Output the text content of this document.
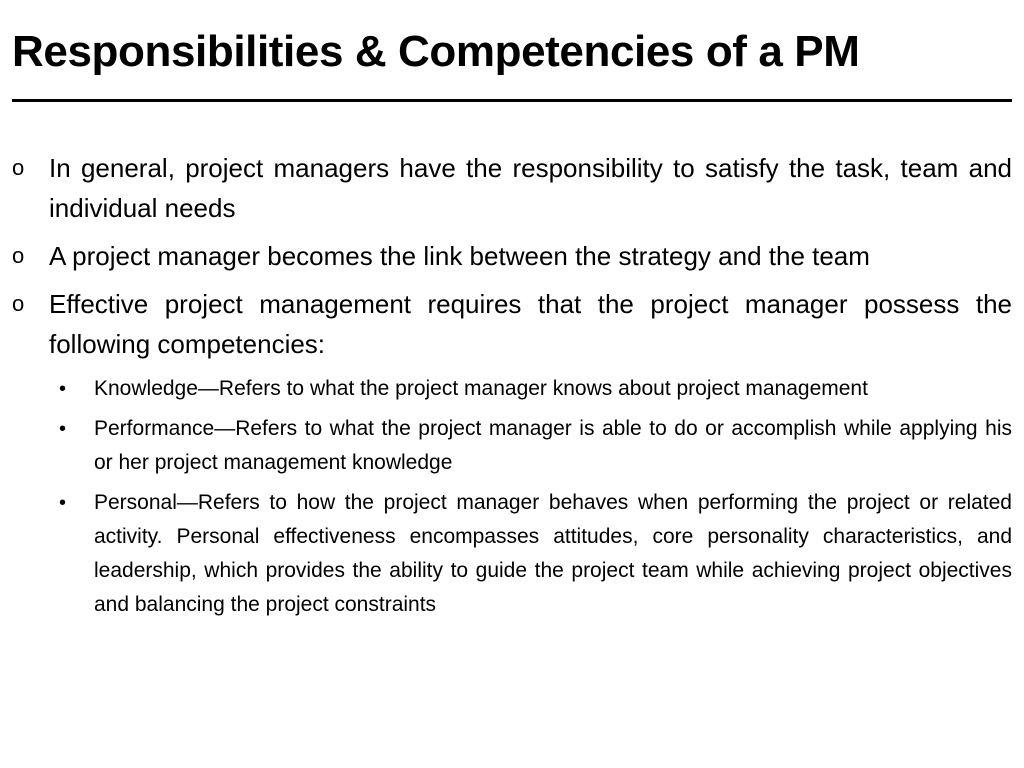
Responsibilities & Competencies of a PM
o In general, project managers have the responsibility to satisfy the task, team and individual needs
o A project manager becomes the link between the strategy and the team
o Effective project management requires that the project manager possess the following competencies:
• Knowledge—Refers to what the project manager knows about project management
• Performance—Refers to what the project manager is able to do or accomplish while applying his or her project management knowledge
• Personal—Refers to how the project manager behaves when performing the project or related activity. Personal effectiveness encompasses attitudes, core personality characteristics, and leadership, which provides the ability to guide the project team while achieving project objectives and balancing the project constraints
